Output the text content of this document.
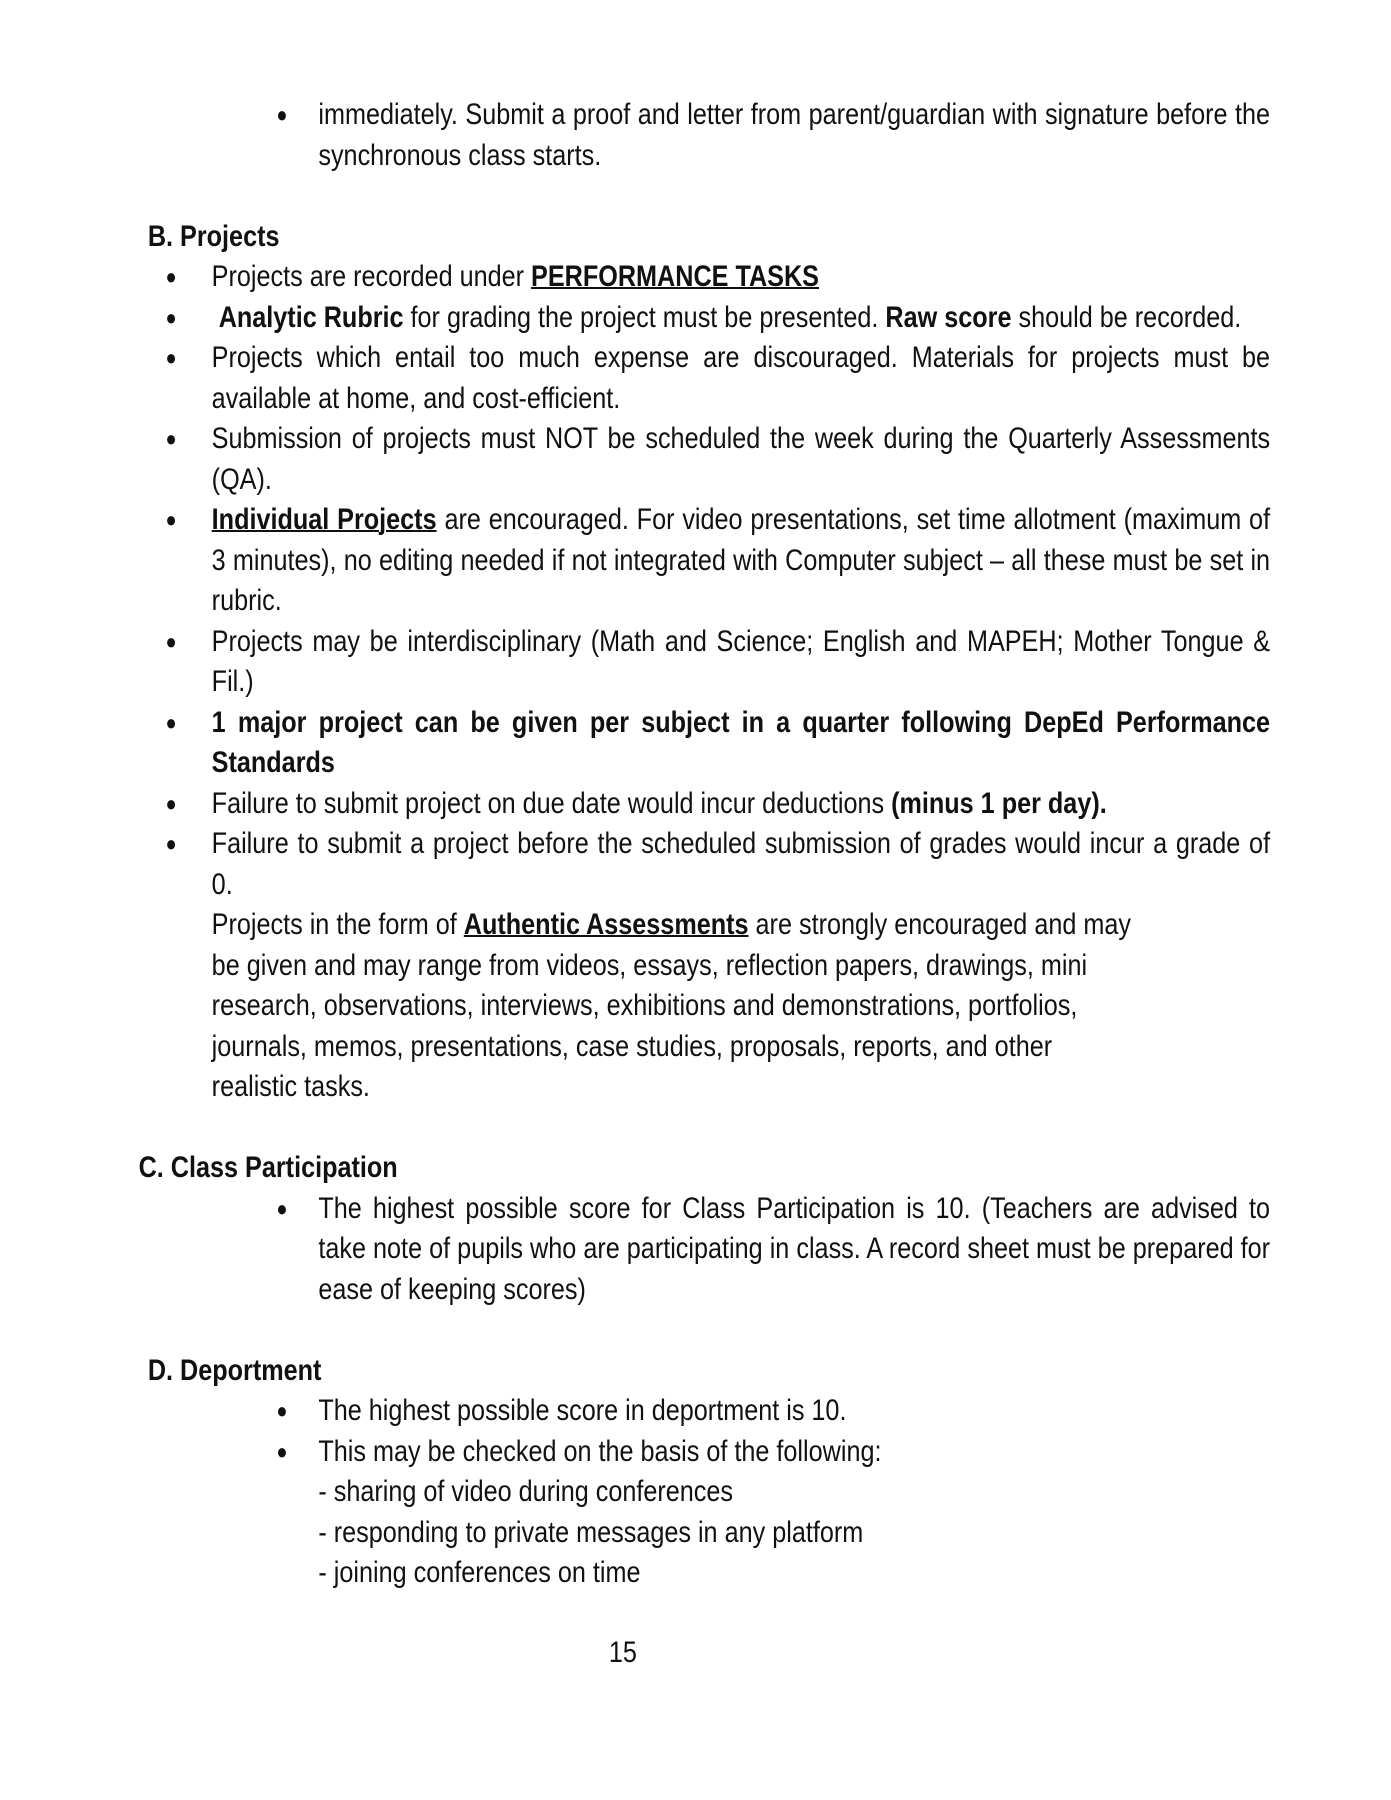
● immediately. Submit a proof and letter from parent/guardian with signature before the synchronous class starts.
B. Projects
● Projects are recorded under PERFORMANCE TASKS
● Analytic Rubric for grading the project must be presented. Raw score should be recorded.
● Projects which entail too much expense are discouraged. Materials for projects must be available at home, and cost-efficient.
● Submission of projects must NOT be scheduled the week during the Quarterly Assessments (QA).
● Individual Projects are encouraged. For video presentations, set time allotment (maximum of 3 minutes), no editing needed if not integrated with Computer subject – all these must be set in rubric.
● Projects may be interdisciplinary (Math and Science; English and MAPEH; Mother Tongue & Fil.)
● 1 major project can be given per subject in a quarter following DepEd Performance Standards
● Failure to submit project on due date would incur deductions (minus 1 per day).
● Failure to submit a project before the scheduled submission of grades would incur a grade of 0.
Projects in the form of Authentic Assessments are strongly encouraged and may be given and may range from videos, essays, reflection papers, drawings, mini research, observations, interviews, exhibitions and demonstrations, portfolios, journals, memos, presentations, case studies, proposals, reports, and other realistic tasks.
C. Class Participation
● The highest possible score for Class Participation is 10. (Teachers are advised to take note of pupils who are participating in class. A record sheet must be prepared for ease of keeping scores)
D. Deportment
● The highest possible score in deportment is 10.
● This may be checked on the basis of the following:
- sharing of video during conferences
- responding to private messages in any platform
- joining conferences on time
15
